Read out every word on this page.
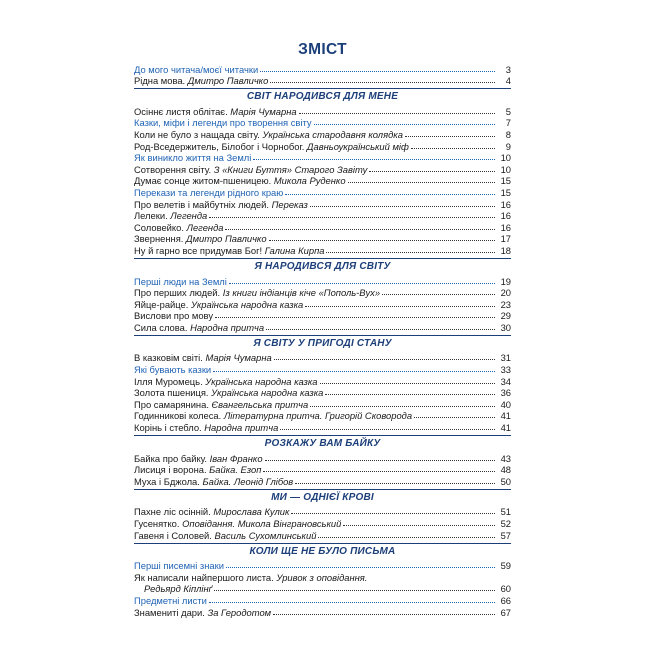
ЗМІСТ
До мого читача/моєї читачки	3
Рідна мова. Дмитро Павличко	4
СВІТ НАРОДИВСЯ ДЛЯ МЕНЕ
Осіннє листя облітає. Марія Чумарна	5
Казки, міфи і легенди про творення світу	7
Коли не було з нащада світу. Українська стародавня колядка	8
Род-Вседержитель, Білобог і Чорнобог. Давньоукраїнський міф	9
Як виникло життя на Землі	10
Сотворення світу. З «Книги Буття» Старого Завіту	10
Думає сонце житом-пшеницею. Микола Руденко	15
Перекази та легенди рідного краю	15
Про велетів і майбутніх людей. Переказ	16
Лелеки. Легенда	16
Соловейко. Легенда	16
Звернення. Дмитро Павличко	17
Ну й гарно все придумав Бог! Галина Кирпа	18
Я НАРОДИВСЯ ДЛЯ СВІТУ
Перші люди на Землі	19
Про перших людей. Із книги індіанців кіче «Пополь-Вух»	20
Яйце-райце. Українська народна казка	23
Вислови про мову	29
Сила слова. Народна притча	30
Я СВІТУ У ПРИГОДІ СТАНУ
В казковім світі. Марія Чумарна	31
Які бувають казки	33
Ілля Муромець. Українська народна казка	34
Золота пшениця. Українська народна казка	36
Про самарянина. Євангельська притча	40
Годинникові колеса. Літературна притча. Григорій Сковорода	41
Корінь і стебло. Народна притча	41
РОЗКАЖУ ВАМ БАЙКУ
Байка про байку. Іван Франко	43
Лисиця і ворона. Байка. Езоп	48
Муха і Бджола. Байка. Леонід Глібов	50
МИ — ОДНІЄЇ КРОВІ
Пахне ліс осінній. Мирослава Кулик	51
Гусенятко. Оповідання. Микола Вінграновський	52
Гавеня і Соловей. Василь Сухомлинський	57
КОЛИ ЩЕ НЕ БУЛО ПИСЬМА
Перші писемні знаки	59
Як написали найпершого листа. Уривок з оповідання.
Редьярд Кіплінґ	60
Предметні листи	66
Знамениті дари. За Геродотом	67
